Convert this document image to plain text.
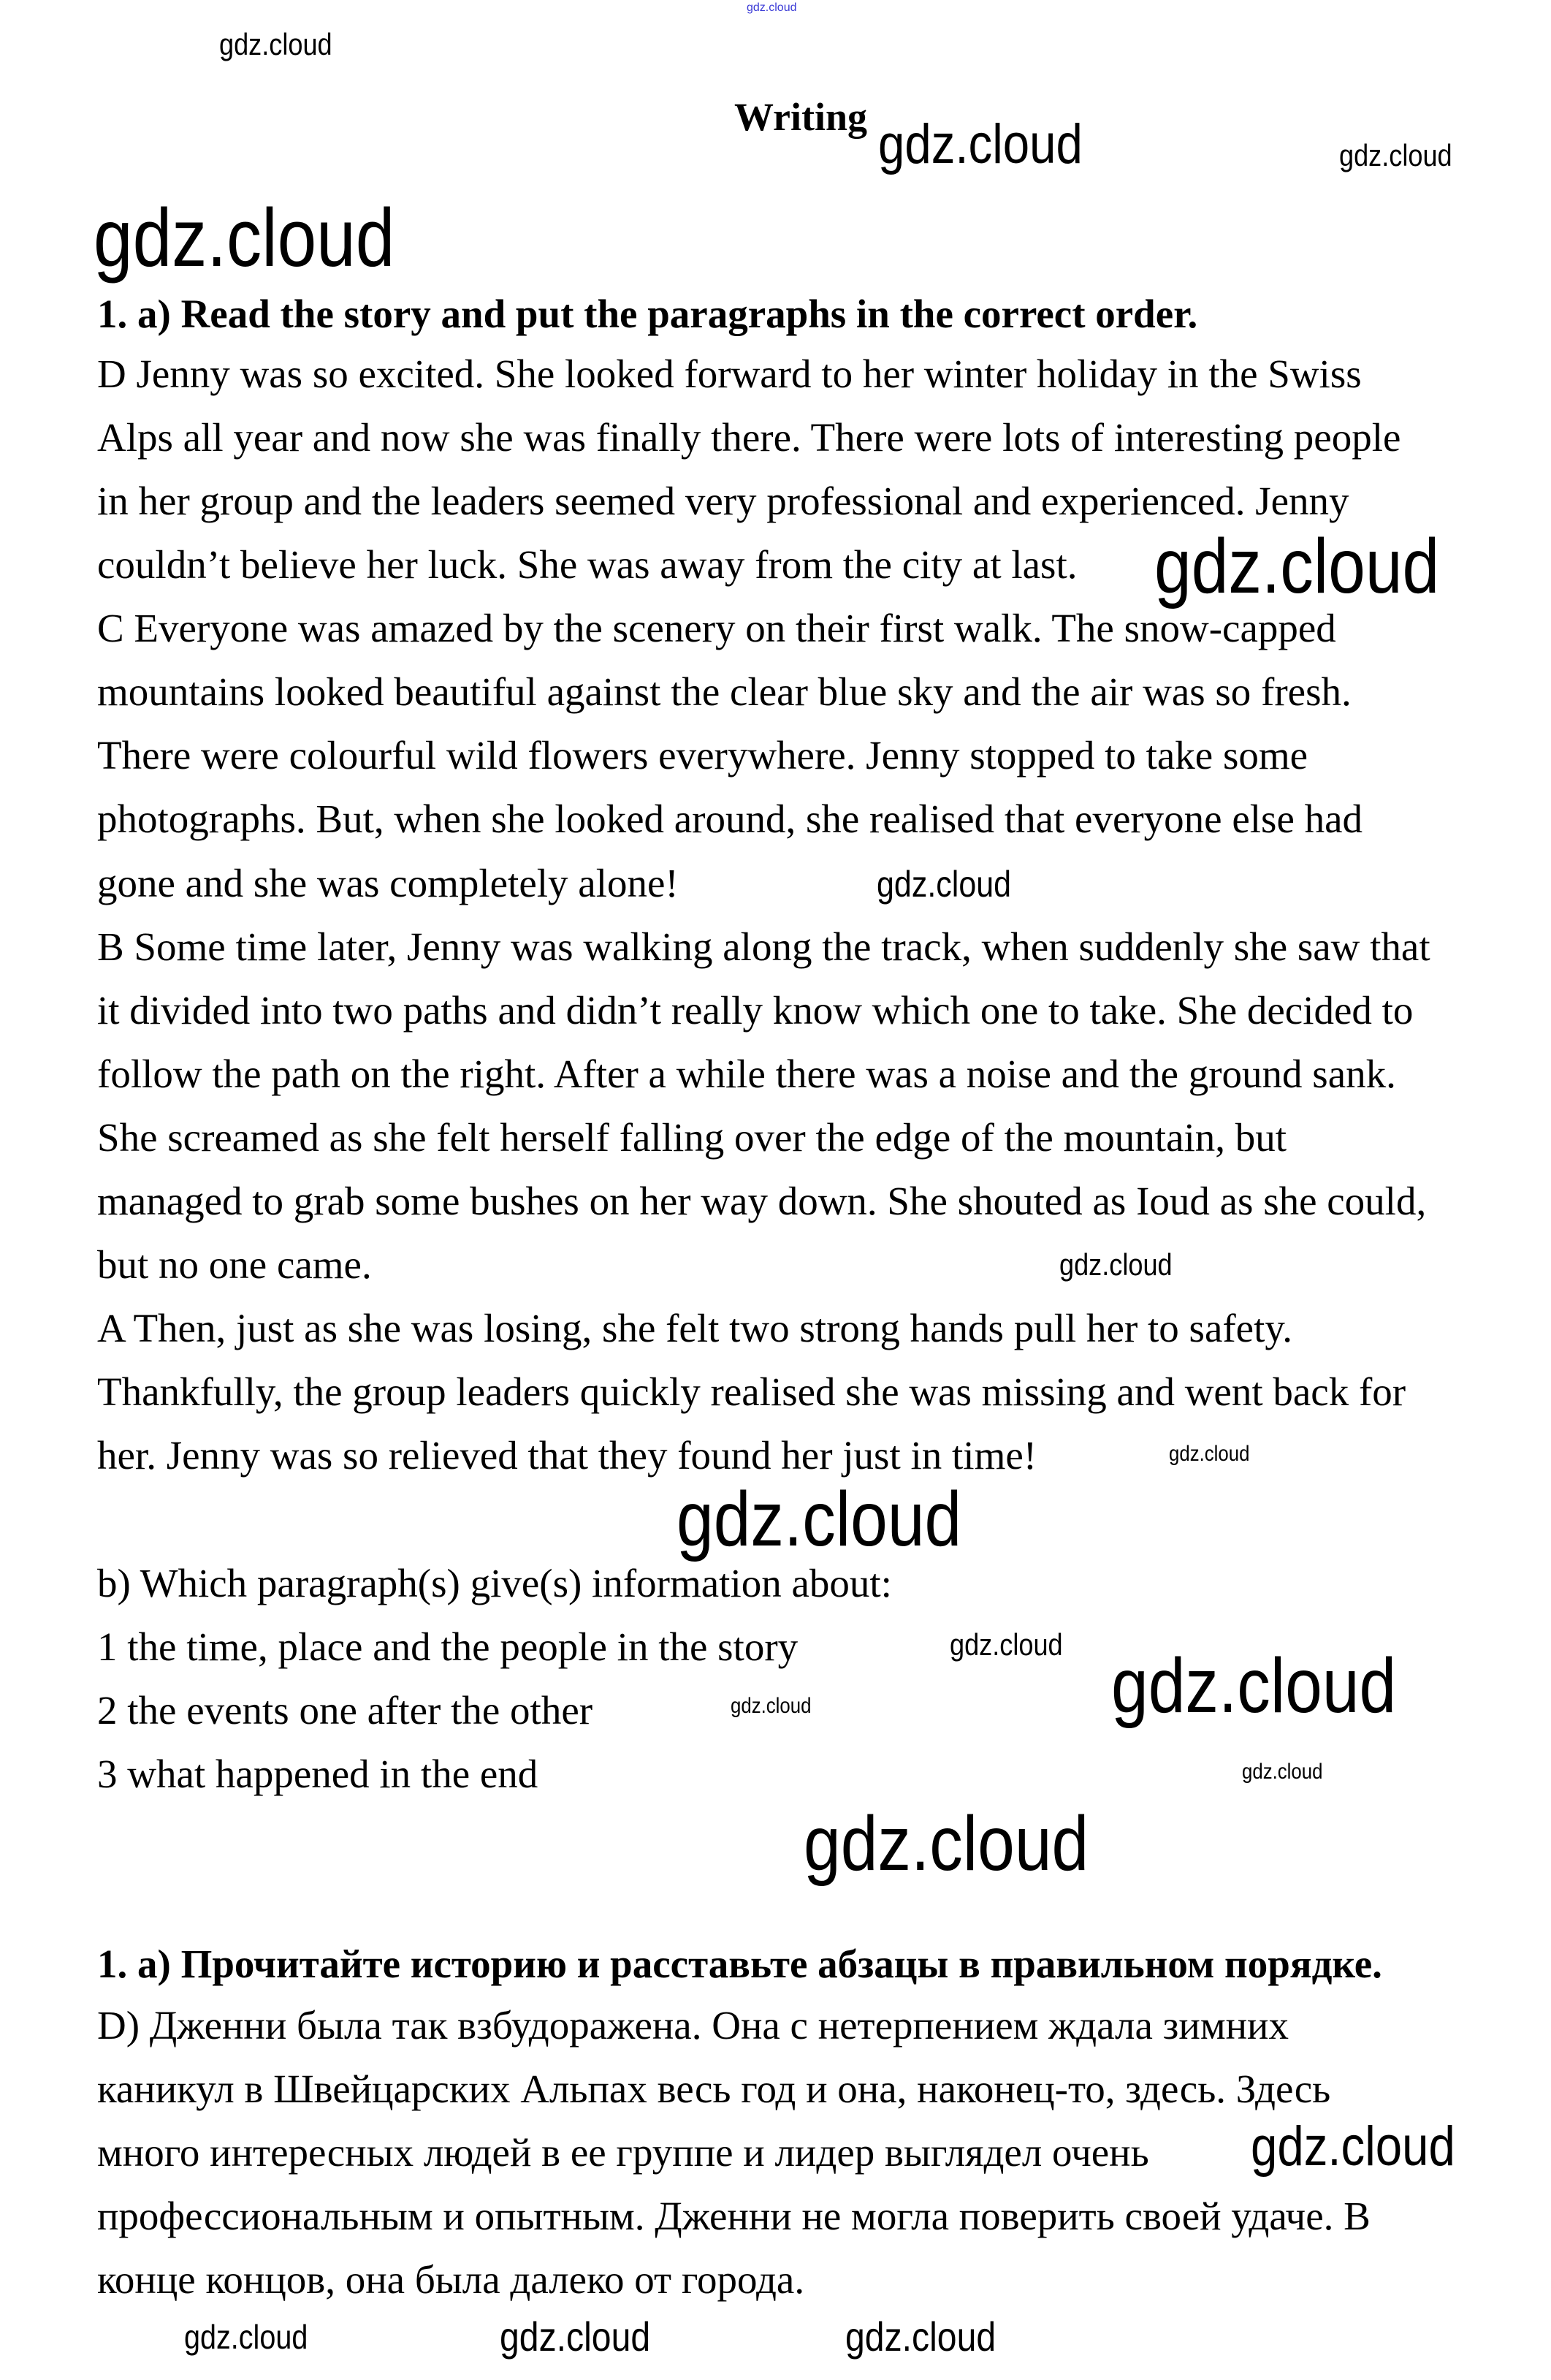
gdz.cloud
Writing
1. a) Read the story and put the paragraphs in the correct order.
D Jenny was so excited. She looked forward to her winter holiday in the Swiss
Alps all year and now she was finally there. There were lots of interesting people
in her group and the leaders seemed very professional and experienced. Jenny
couldn’t believe her luck. She was away from the city at last.
C Everyone was amazed by the scenery on their first walk. The snow-capped
mountains looked beautiful against the clear blue sky and the air was so fresh.
There were colourful wild flowers everywhere. Jenny stopped to take some
photographs. But, when she looked around, she realised that everyone else had
gone and she was completely alone!
B Some time later, Jenny was walking along the track, when suddenly she saw that
it divided into two paths and didn’t really know which one to take. She decided to
follow the path on the right. After a while there was a noise and the ground sank.
She screamed as she felt herself falling over the edge of the mountain, but
managed to grab some bushes on her way down. She shouted as Ioud as she could,
but no one came.
A Then, just as she was losing, she felt two strong hands pull her to safety.
Thankfully, the group leaders quickly realised she was missing and went back for
her. Jenny was so relieved that they found her just in time!
b) Which paragraph(s) give(s) information about:
1 the time, place and the people in the story
2 the events one after the other
3 what happened in the end
1. а) Прочитайте историю и расставьте абзацы в правильном порядке.
D) Дженни была так взбудоражена. Она с нетерпением ждала зимних
каникул в Швейцарских Альпах весь год и она, наконец-то, здесь. Здесь
много интересных людей в ее группе и лидер выглядел очень
профессиональным и опытным. Дженни не могла поверить своей удаче. В
конце концов, она была далеко от города.
gdz.cloud	gdz.cloud
gdz.cloud
gdz.cloud
gdz.cloud
gdz.cloud
gdz.cloud
gdz.cloud
gdz.cloud
gdz.cloud gdz.cloud
gdz.cloud
gdz.cloud
gdz.cloud
gdz.cloud
gdz.cloud	gdz.cloud	gdz.cloud
